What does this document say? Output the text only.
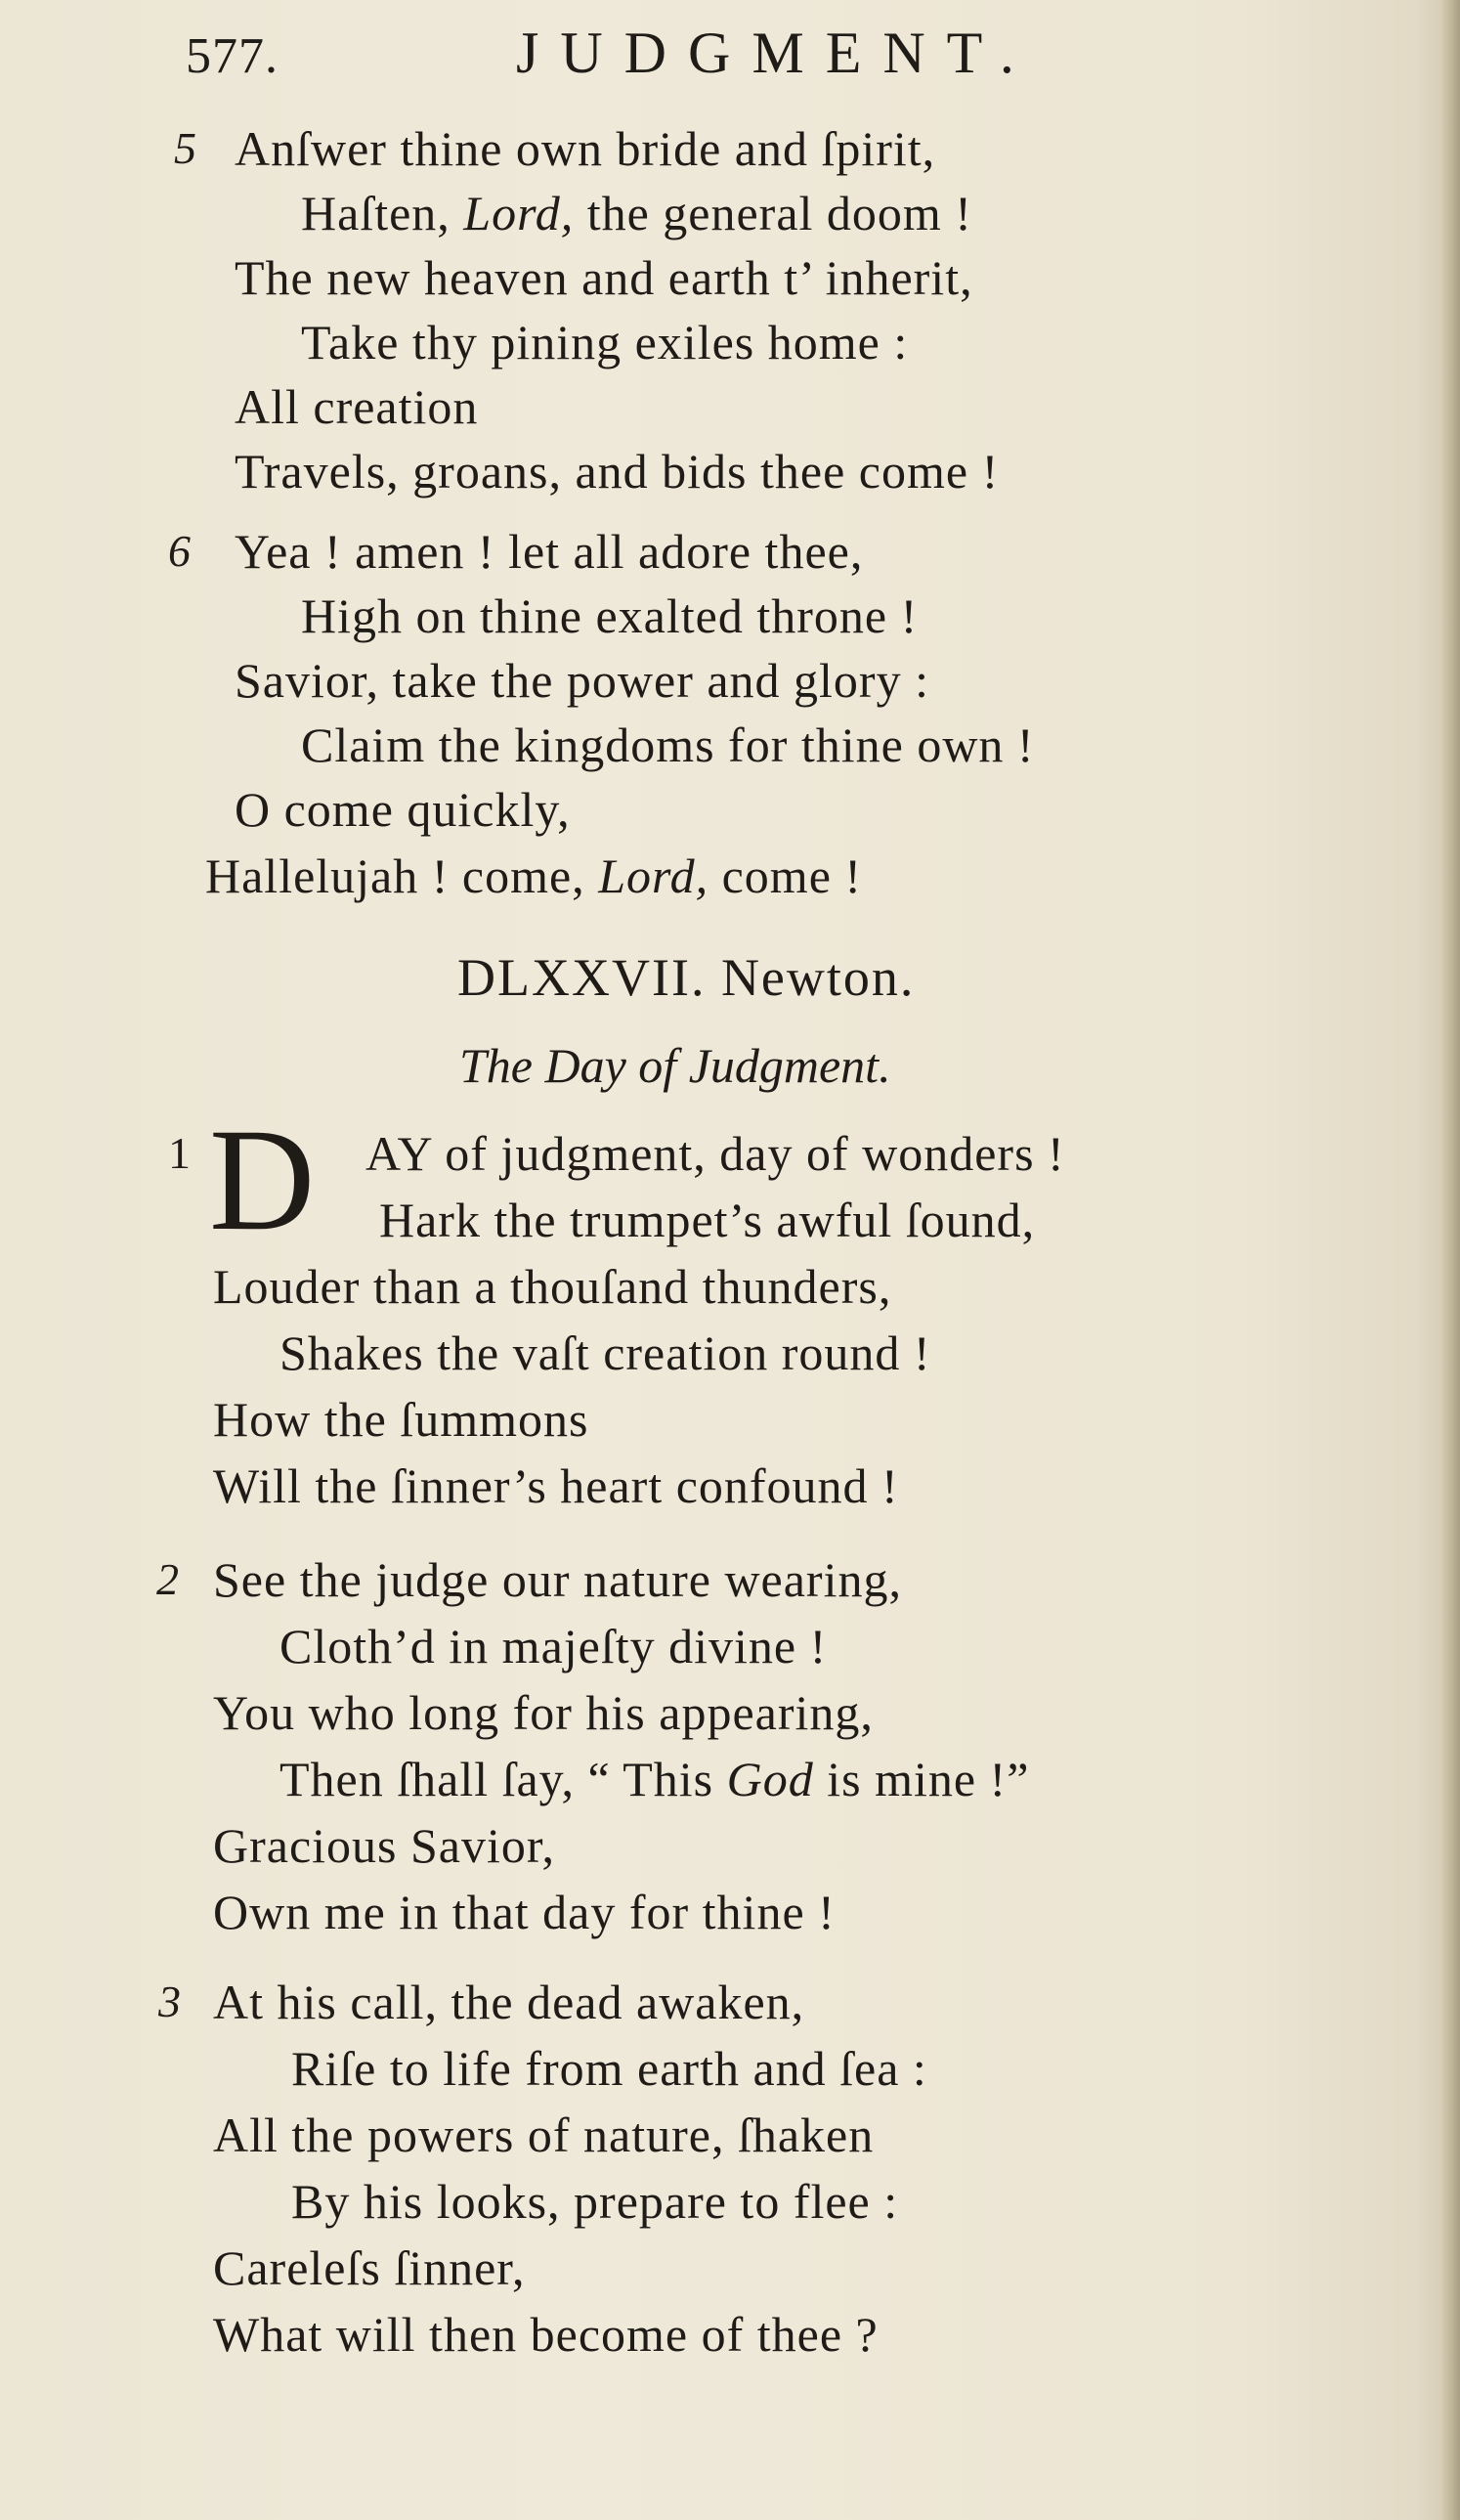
577.	JUDGMENT.
5 Anſwer thine own bride and ſpirit,
Haſten, Lord, the general doom !
The new heaven and earth t’ inherit,
Take thy pining exiles home :
All creation
Travels, groans, and bids thee come !
6 Yea ! amen ! let all adore thee,
High on thine exalted throne !
Savior, take the power and glory :
Claim the kingdoms for thine own !
O come quickly,
Hallelujah ! come, Lord, come !
DLXXVII. Newton.
The Day of Judgment.
1 D AY of judgment, day of wonders !
Hark the trumpet’s awful ſound,
Louder than a thouſand thunders,
Shakes the vaſt creation round !
How the ſummons
Will the ſinner’s heart confound !
2 See the judge our nature wearing,
Cloth’d in majeſty divine !
You who long for his appearing,
Then ſhall ſay, “ This God is mine !”
Gracious Savior,
Own me in that day for thine !
3 At his call, the dead awaken,
Riſe to life from earth and ſea :
All the powers of nature, ſhaken
By his looks, prepare to flee :
Careleſs ſinner,
What will then become of thee ?
